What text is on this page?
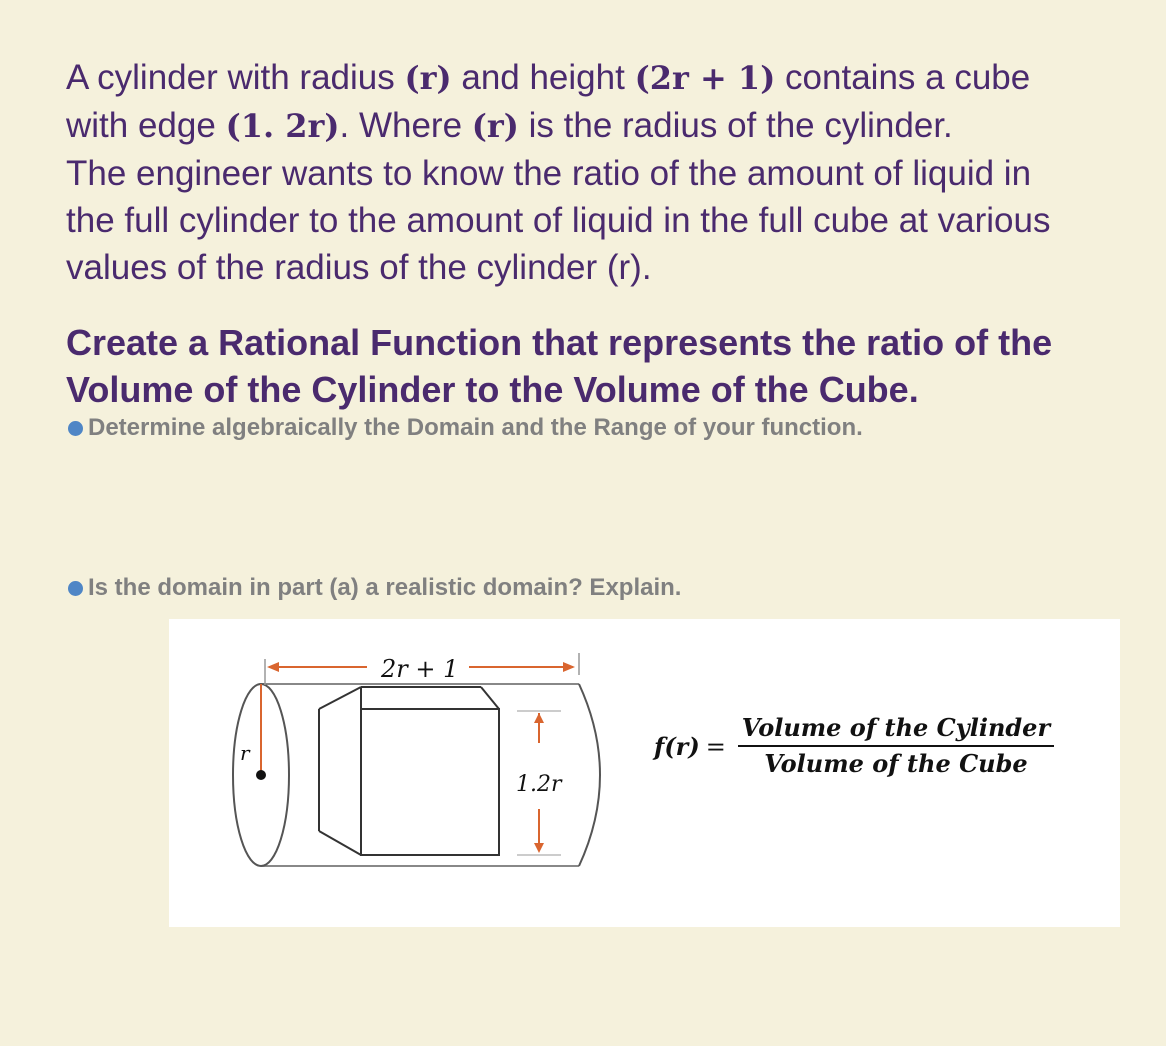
A cylinder with radius (r) and height (2r + 1) contains a cube
with edge (1. 2r). Where (r) is the radius of the cylinder.
The engineer wants to know the ratio of the amount of liquid in
the full cylinder to the amount of liquid in the full cube at various
values of the radius of the cylinder (r).
Create a Rational Function that represents the ratio of the
Volume of the Cylinder to the Volume of the Cube.
Determine algebraically the Domain and the Range of your function.
Is the domain in part (a) a realistic domain? Explain.
2r + 1
1.2r
r	$f(r) = \frac{\text{Volume of the Cylinder}}{\text{Volume of the Cube}}$
